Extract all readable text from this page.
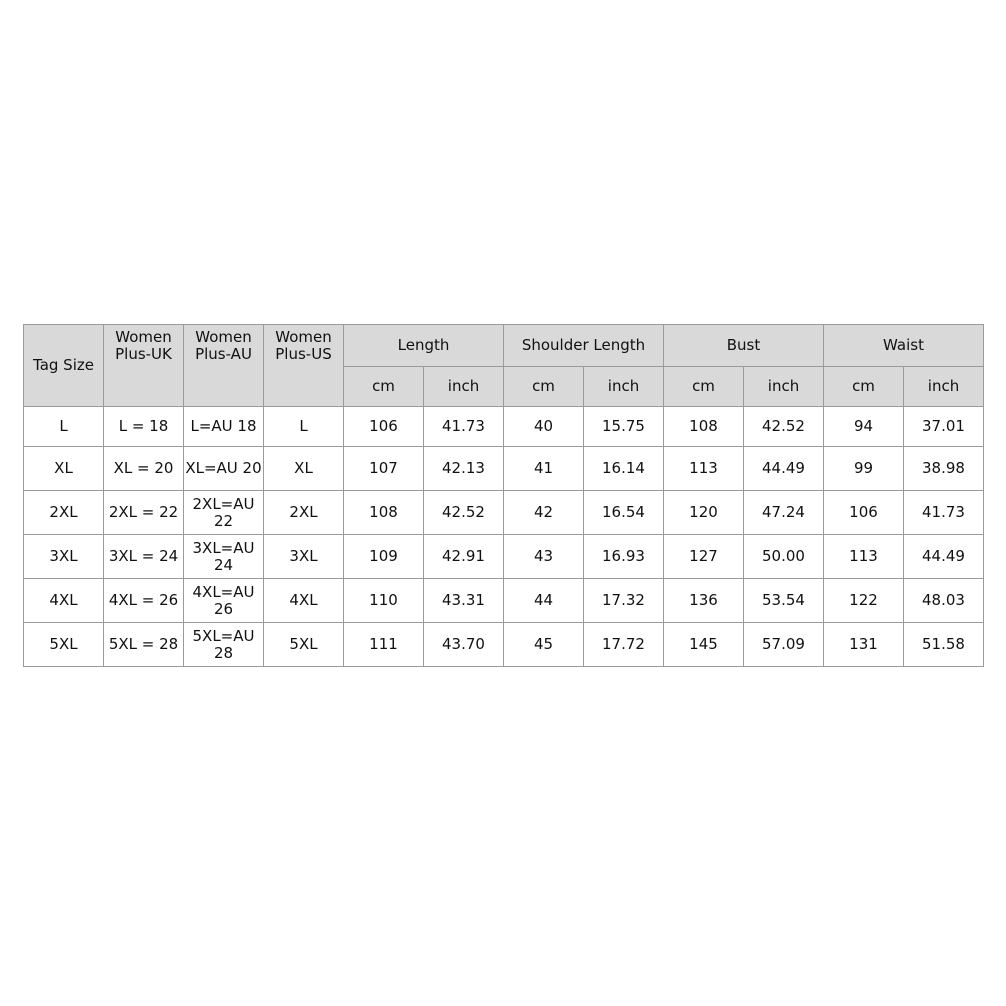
Tag Size	Women Plus-UK	Women Plus-AU	Women Plus-US	Length		Shoulder Length		Bust		Waist	
				cm	inch	cm	inch	cm	inch	cm	inch
L	L = 18	L=AU 18	L	106	41.73	40	15.75	108	42.52	94	37.01
XL	XL = 20	XL=AU 20	XL	107	42.13	41	16.14	113	44.49	99	38.98
2XL	2XL = 22	2XL=AU 22	2XL	108	42.52	42	16.54	120	47.24	106	41.73
3XL	3XL = 24	3XL=AU 24	3XL	109	42.91	43	16.93	127	50.00	113	44.49
4XL	4XL = 26	4XL=AU 26	4XL	110	43.31	44	17.32	136	53.54	122	48.03
5XL	5XL = 28	5XL=AU 28	5XL	111	43.70	45	17.72	145	57.09	131	51.58
